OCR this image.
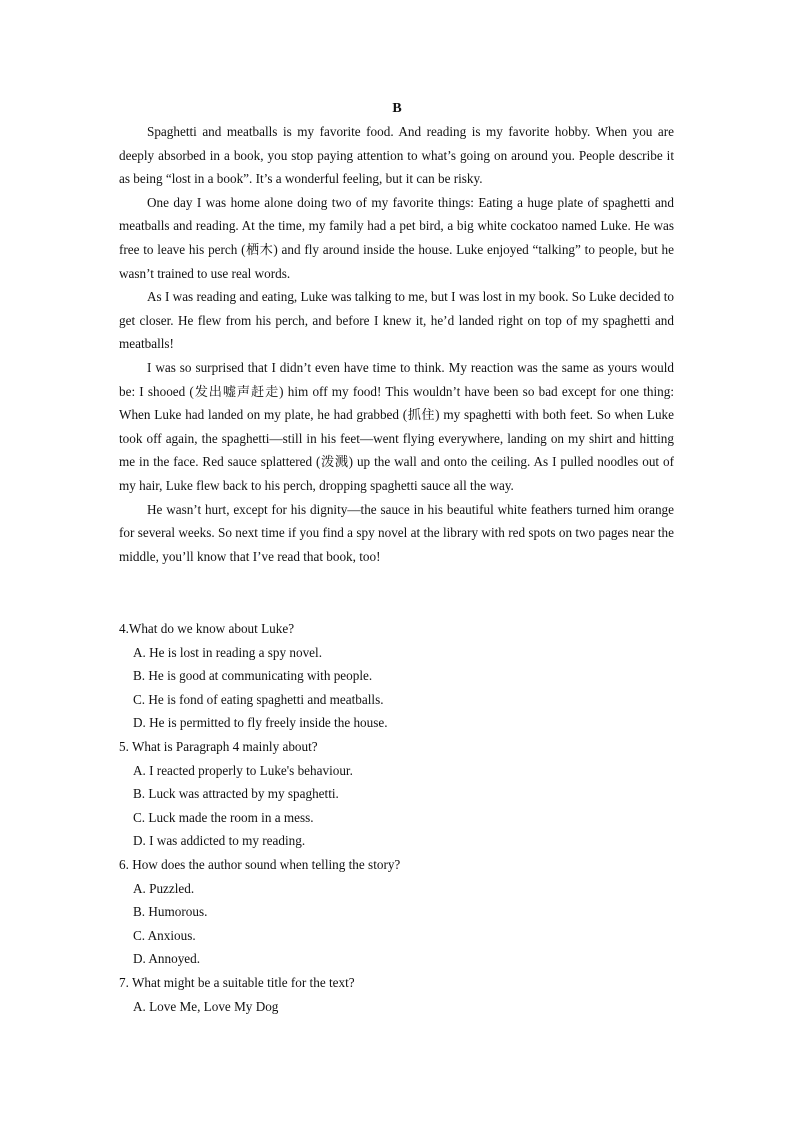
B

Spaghetti and meatballs is my favorite food. And reading is my favorite hobby. When you are deeply absorbed in a book, you stop paying attention to what’s going on around you. People describe it as being “lost in a book”. It’s a wonderful feeling, but it can be risky.

One day I was home alone doing two of my favorite things: Eating a huge plate of spaghetti and meatballs and reading. At the time, my family had a pet bird, a big white cockatoo named Luke. He was free to leave his perch (栖木) and fly around inside the house. Luke enjoyed “talking” to people, but he wasn’t trained to use real words.

As I was reading and eating, Luke was talking to me, but I was lost in my book. So Luke decided to get closer. He flew from his perch, and before I knew it, he’d landed right on top of my spaghetti and meatballs!

I was so surprised that I didn’t even have time to think. My reaction was the same as yours would be: I shooed (发出嘘声赶走) him off my food! This wouldn’t have been so bad except for one thing: When Luke had landed on my plate, he had grabbed (抓住) my spaghetti with both feet. So when Luke took off again, the spaghetti—still in his feet—went flying everywhere, landing on my shirt and hitting me in the face. Red sauce splattered (泼溅) up the wall and onto the ceiling. As I pulled noodles out of my hair, Luke flew back to his perch, dropping spaghetti sauce all the way.

He wasn’t hurt, except for his dignity—the sauce in his beautiful white feathers turned him orange for several weeks. So next time if you find a spy novel at the library with red spots on two pages near the middle, you’ll know that I’ve read that book, too!

4.What do we know about Luke?

A. He is lost in reading a spy novel.

B. He is good at communicating with people.

C. He is fond of eating spaghetti and meatballs.

D. He is permitted to fly freely inside the house.

5. What is Paragraph 4 mainly about?

A. I reacted properly to Luke's behaviour.

B. Luck was attracted by my spaghetti.

C. Luck made the room in a mess.

D. I was addicted to my reading.

6. How does the author sound when telling the story?

A. Puzzled.

B. Humorous.

C. Anxious.

D. Annoyed.

7. What might be a suitable title for the text?

A. Love Me, Love My Dog
